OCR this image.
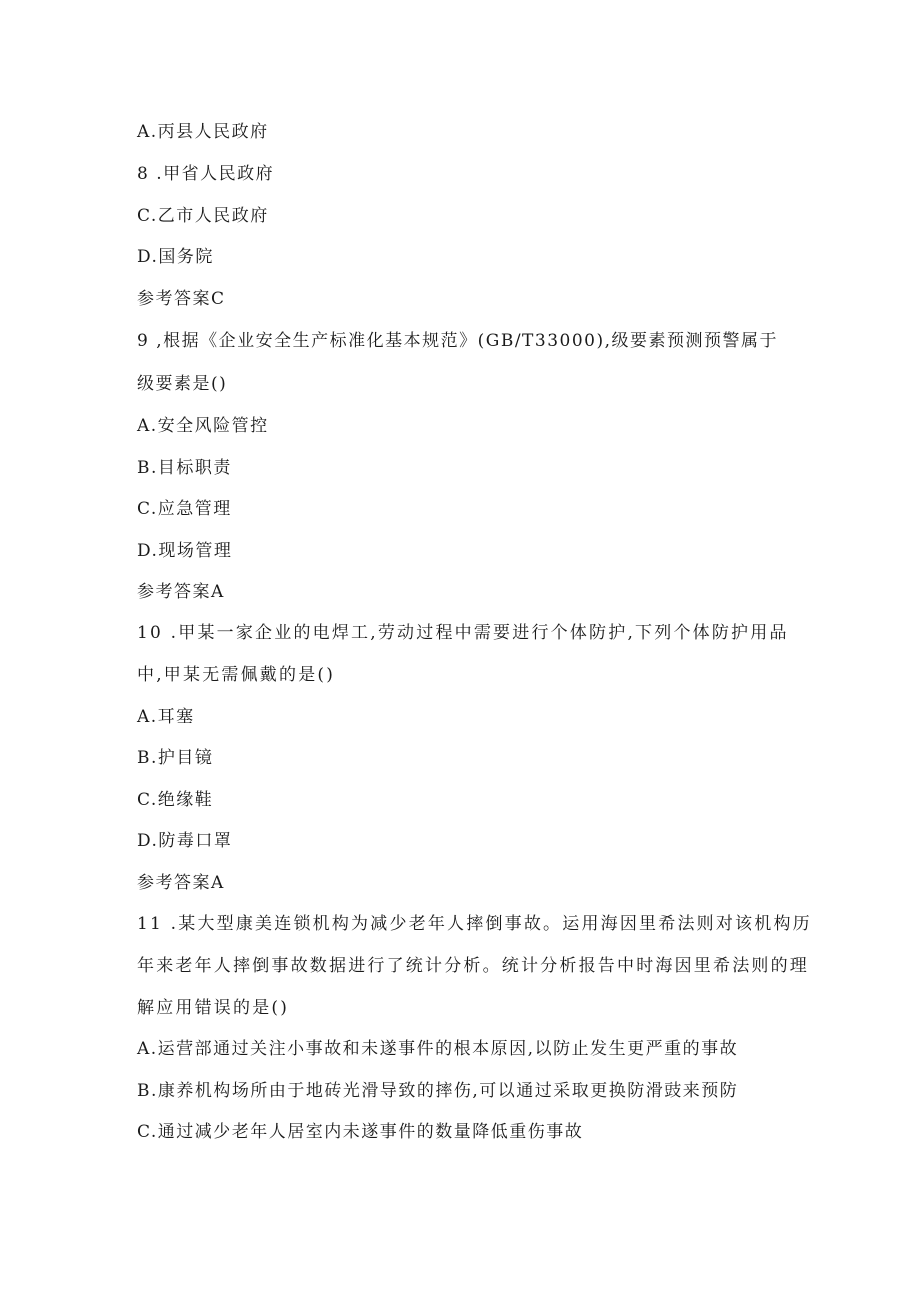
A.丙县人民政府
8 .甲省人民政府
C.乙市人民政府
D.国务院
参考答案C
9 ,根据《企业安全生产标准化基本规范》(GB/T33000),级要素预测预警属于
级要素是()
A.安全风险管控
B.目标职责
C.应急管理
D.现场管理
参考答案A
10 .甲某一家企业的电焊工,劳动过程中需要进行个体防护,下列个体防护用品
中,甲某无需佩戴的是()
A.耳塞
B.护目镜
C.绝缘鞋
D.防毒口罩
参考答案A
11 .某大型康美连锁机构为减少老年人摔倒事故。运用海因里希法则对该机构历
年来老年人摔倒事故数据进行了统计分析。统计分析报告中时海因里希法则的理
解应用错误的是()
A.运营部通过关注小事故和未遂事件的根本原因,以防止发生更严重的事故
B.康养机构场所由于地砖光滑导致的摔伤,可以通过采取更换防滑豉来预防
C.通过减少老年人居室内未遂事件的数量降低重伤事故
